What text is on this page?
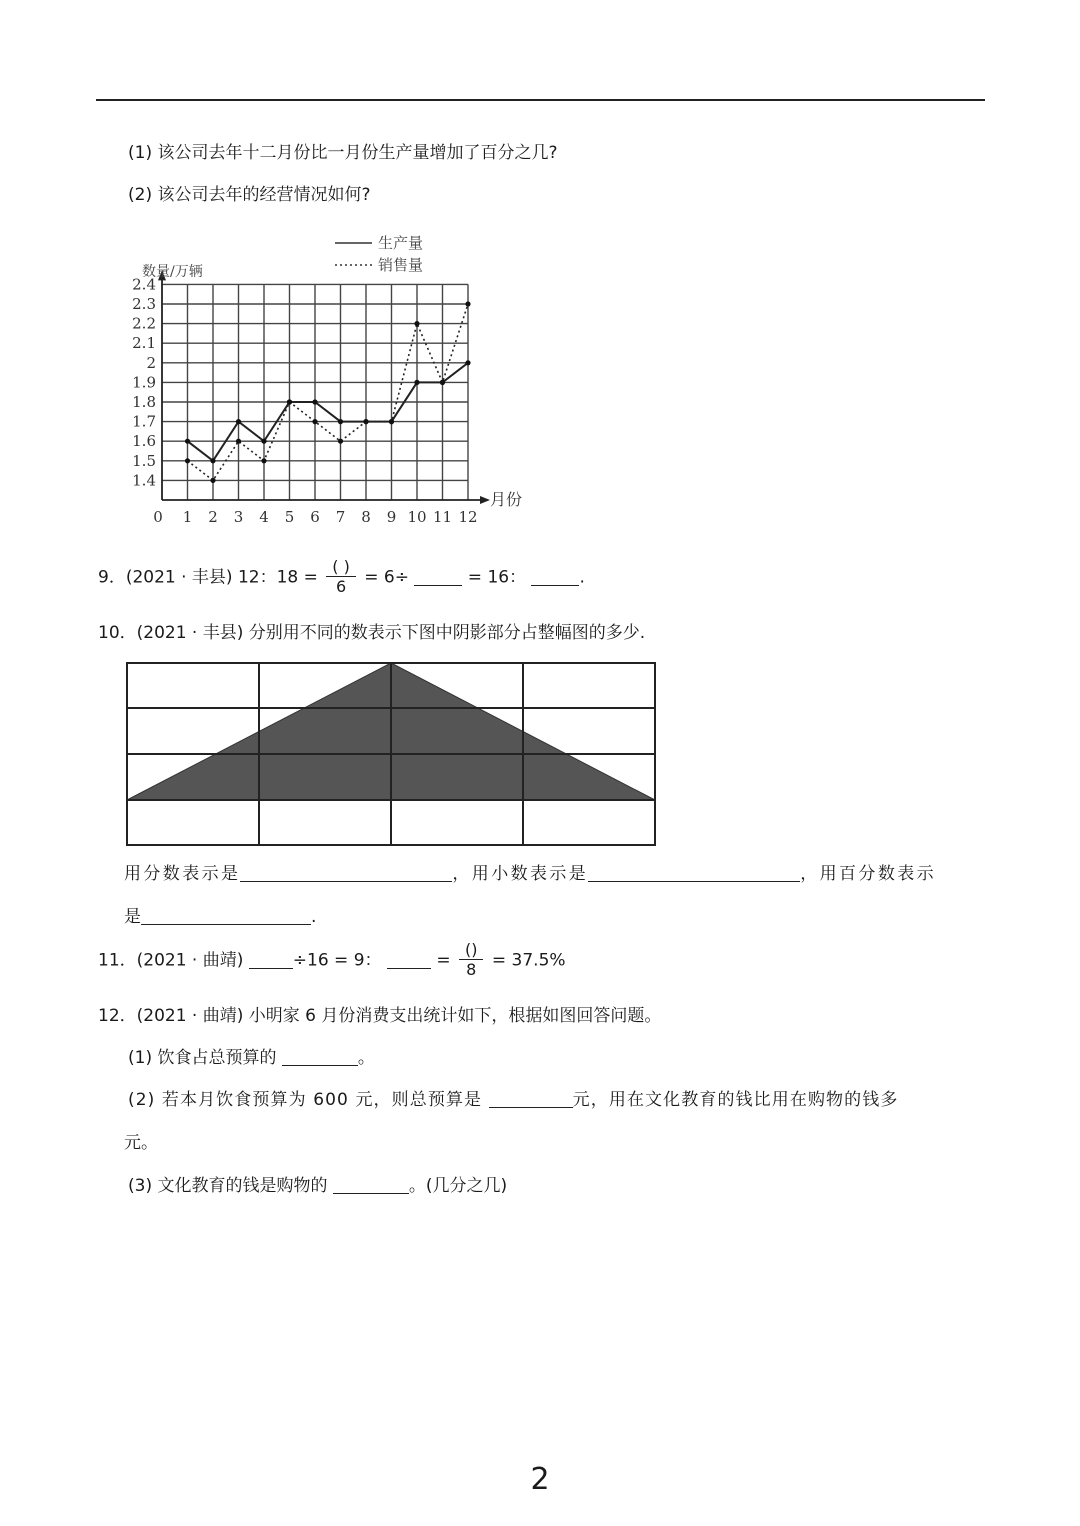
(1) 该公司去年十二月份比一月份生产量增加了百分之几?
(2) 该公司去年的经营情况如何?
1.4
1.5
1.6
1.7
1.8
1.9
2
2.1
2.2
2.3
2.4
0 1 2 3 4 5 6 7 8 9 10 11 12
数量/万辆
月份
生产量
销售量
9．(2021 · 丰县) 12：$18 = \frac{( )}{6} = 6\div$	= 16：	.
10．(2021 · 丰县) 分别用不同的数表示下图中阴影部分占整幅图的多少.
用分数表示是	，用小数表示是	，用百分数表示
是	.
11．(2021 · 曲靖)	÷16 = 9：	= $\frac{()}{8} = 37.5\%$
12．(2021 · 曲靖) 小明家 6 月份消费支出统计如下，根据如图回答问题。
(1) 饮食占总预算的	。
(2) 若本月饮食预算为 600 元，则总预算是	元，用在文化教育的钱比用在购物的钱多
元。
(3) 文化教育的钱是购物的	。(几分之几)
2
